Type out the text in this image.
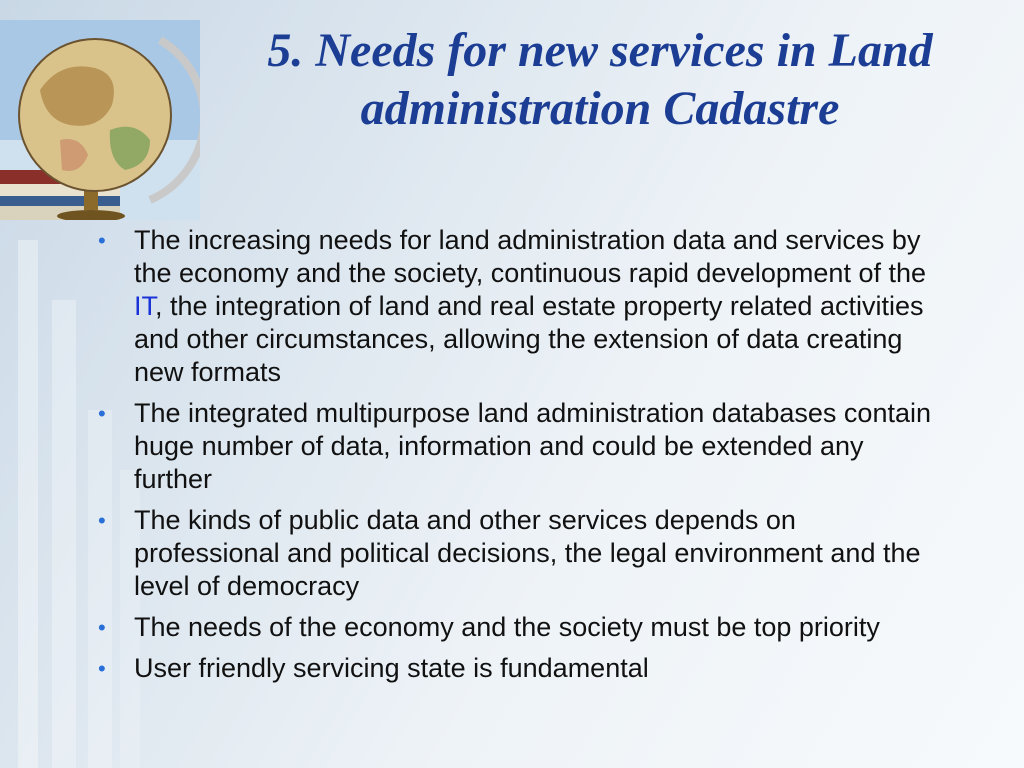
5. Needs for new services in Land
administration Cadastre
• The increasing needs for land administration data and services by the economy and the society, continuous rapid development of the IT, the integration of land and real estate property related activities and other circumstances, allowing the extension of data creating new formats
• The integrated multipurpose land administration databases contain huge number of data, information and could be extended any further
• The kinds of public data and other services depends on professional and political decisions, the legal environment and the level of democracy
• The needs of the economy and the society must be top priority
• User friendly servicing state is fundamental
